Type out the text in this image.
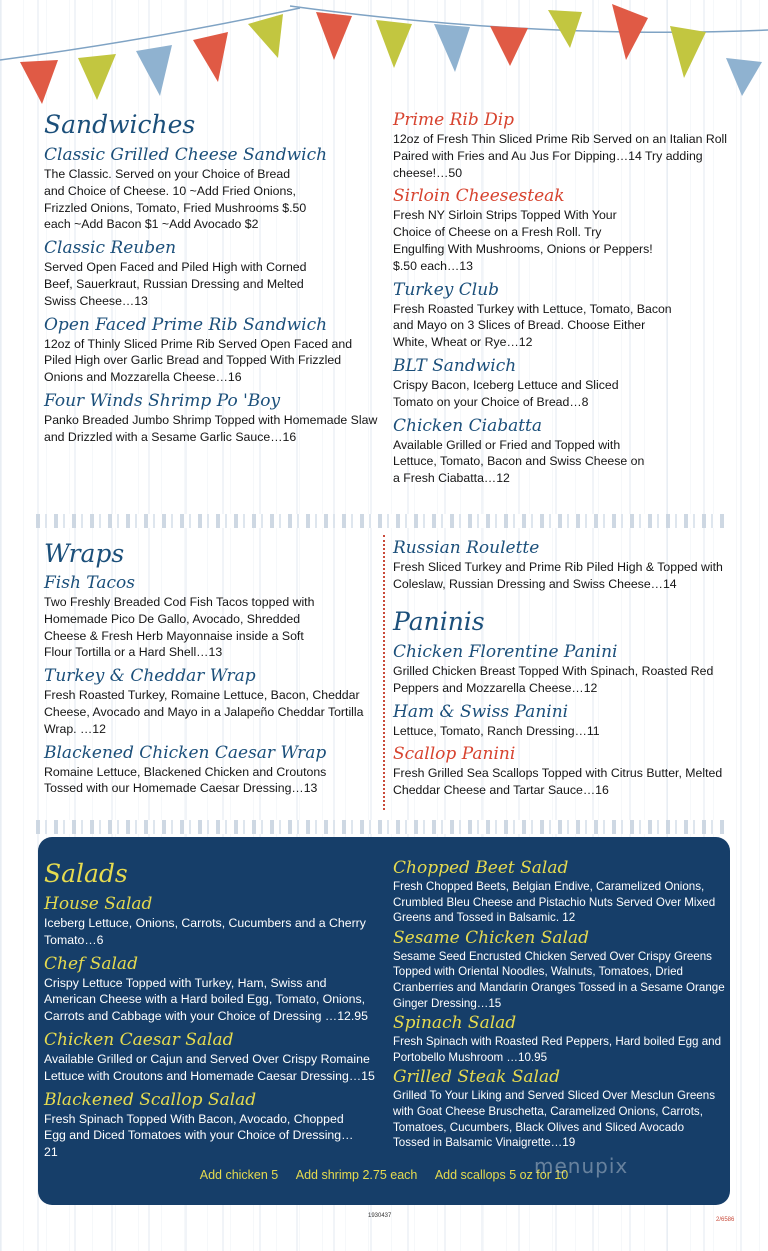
Sandwiches

Classic Grilled Cheese Sandwich

The Classic. Served on your Choice of Bread and Choice of Cheese. 10 ~Add Fried Onions, Frizzled Onions, Tomato, Fried Mushrooms $.50 each ~Add Bacon $1 ~Add Avocado $2

Classic Reuben

Served Open Faced and Piled High with Corned Beef, Sauerkraut, Russian Dressing and Melted Swiss Cheese…13

Open Faced Prime Rib Sandwich

12oz of Thinly Sliced Prime Rib Served Open Faced and Piled High over Garlic Bread and Topped With Frizzled Onions and Mozzarella Cheese…16

Four Winds Shrimp Po 'Boy

Panko Breaded Jumbo Shrimp Topped with Homemade Slaw and Drizzled with a Sesame Garlic Sauce…16

Prime Rib Dip

12oz of Fresh Thin Sliced Prime Rib Served on an Italian Roll Paired with Fries and Au Jus For Dipping…14 Try adding cheese!…50

Sirloin Cheesesteak

Fresh NY Sirloin Strips Topped With Your Choice of Cheese on a Fresh Roll. Try Engulfing With Mushrooms, Onions or Peppers! $.50 each…13

Turkey Club

Fresh Roasted Turkey with Lettuce, Tomato, Bacon and Mayo on 3 Slices of Bread. Choose Either White, Wheat or Rye…12

BLT Sandwich

Crispy Bacon, Iceberg Lettuce and Sliced Tomato on your Choice of Bread…8

Chicken Ciabatta

Available Grilled or Fried and Topped with Lettuce, Tomato, Bacon and Swiss Cheese on a Fresh Ciabatta…12

Wraps

Fish Tacos

Two Freshly Breaded Cod Fish Tacos topped with Homemade Pico De Gallo, Avocado, Shredded Cheese & Fresh Herb Mayonnaise inside a Soft Flour Tortilla or a Hard Shell…13

Turkey & Cheddar Wrap

Fresh Roasted Turkey, Romaine Lettuce, Bacon, Cheddar Cheese, Avocado and Mayo in a Jalapeño Cheddar Tortilla Wrap. …12

Blackened Chicken Caesar Wrap

Romaine Lettuce, Blackened Chicken and Croutons Tossed with our Homemade Caesar Dressing…13

Russian Roulette

Fresh Sliced Turkey and Prime Rib Piled High & Topped with Coleslaw, Russian Dressing and Swiss Cheese…14

Paninis

Chicken Florentine Panini

Grilled Chicken Breast Topped With Spinach, Roasted Red Peppers and Mozzarella Cheese…12

Ham & Swiss Panini

Lettuce, Tomato, Ranch Dressing…11

Scallop Panini

Fresh Grilled Sea Scallops Topped with Citrus Butter, Melted Cheddar Cheese and Tartar Sauce…16

Salads

House Salad

Iceberg Lettuce, Onions, Carrots, Cucumbers and a Cherry Tomato…6

Chef Salad

Crispy Lettuce Topped with Turkey, Ham, Swiss and American Cheese with a Hard boiled Egg, Tomato, Onions, Carrots and Cabbage with your Choice of Dressing …12.95

Chicken Caesar Salad

Available Grilled or Cajun and Served Over Crispy Romaine Lettuce with Croutons and Homemade Caesar Dressing…15

Blackened Scallop Salad

Fresh Spinach Topped With Bacon, Avocado, Chopped Egg and Diced Tomatoes with your Choice of Dressing…21

Chopped Beet Salad

Fresh Chopped Beets, Belgian Endive, Caramelized Onions, Crumbled Bleu Cheese and Pistachio Nuts Served Over Mixed Greens and Tossed in Balsamic. 12

Sesame Chicken Salad

Sesame Seed Encrusted Chicken Served Over Crispy Greens Topped with Oriental Noodles, Walnuts, Tomatoes, Dried Cranberries and Mandarin Oranges Tossed in a Sesame Orange Ginger Dressing…15

Spinach Salad

Fresh Spinach with Roasted Red Peppers, Hard boiled Egg and Portobello Mushroom …10.95

Grilled Steak Salad

Grilled To Your Liking and Served Sliced Over Mesclun Greens with Goat Cheese Bruschetta, Caramelized Onions, Carrots, Tomatoes, Cucumbers, Black Olives and Sliced Avocado Tossed in Balsamic Vinaigrette…19

Add chicken 5 Add shrimp 2.75 each Add scallops 5 oz for 10
menupix
1930437
2/6586
